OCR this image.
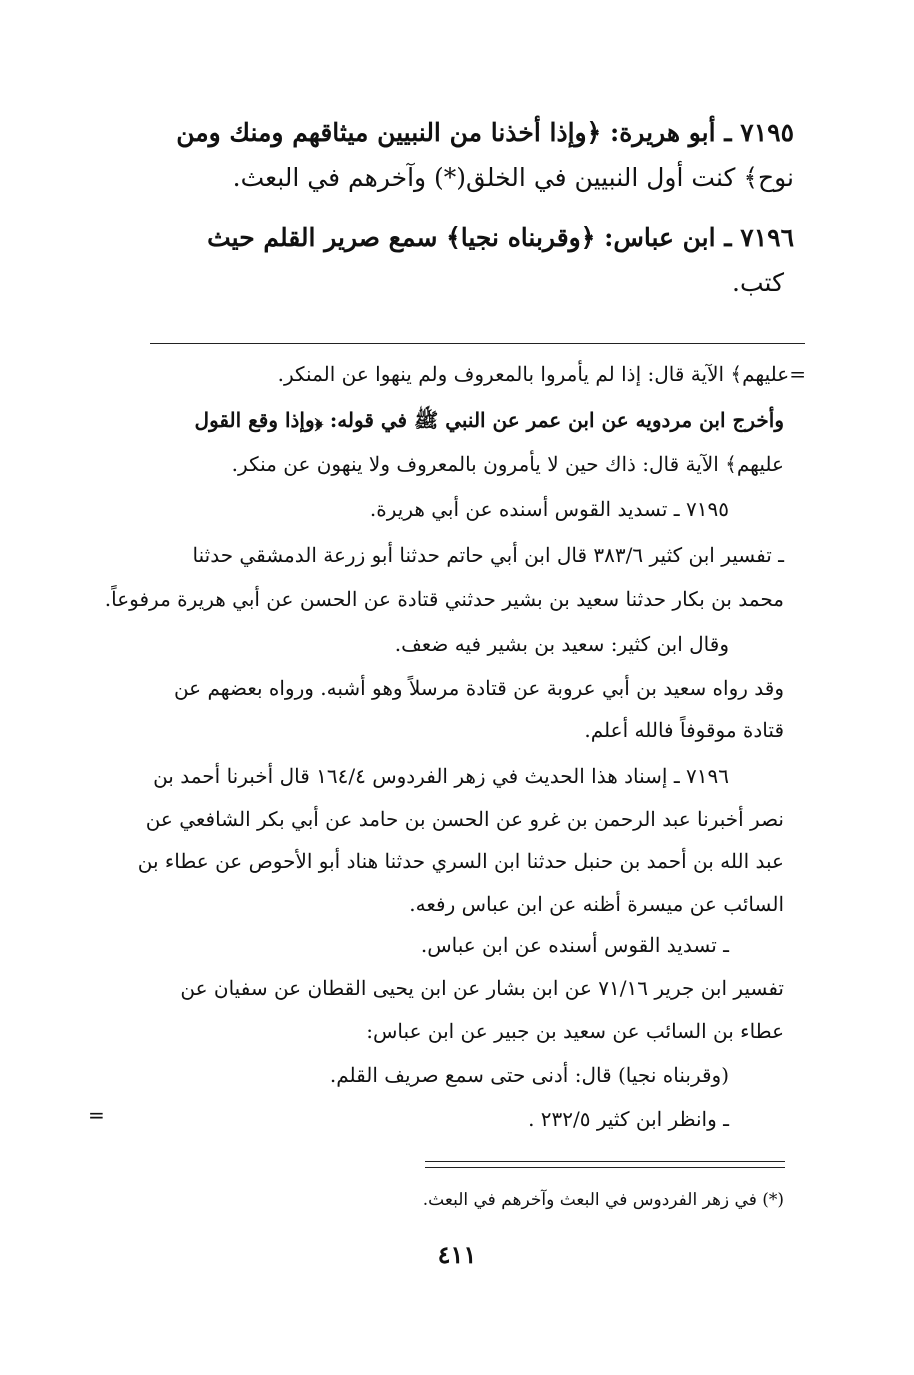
٧١٩٥ ـ أبو هريرة: ﴿وإذا أخذنا من النبيين ميثاقهم ومنك ومن
نوح﴾ كنت أول النبيين في الخلق(*) وآخرهم في البعث.
٧١٩٦ ـ ابن عباس: ﴿وقربناه نجيا﴾ سمع صرير القلم حيث
كتب.
=عليهم﴾ الآية قال: إذا لم يأمروا بالمعروف ولم ينهوا عن المنكر.
وأخرج ابن مردويه عن ابن عمر عن النبي ﷺ في قوله: ﴿وإذا وقع القول
عليهم﴾ الآية قال: ذاك حين لا يأمرون بالمعروف ولا ينهون عن منكر.
٧١٩٥ ـ تسديد القوس أسنده عن أبي هريرة.
ـ تفسير ابن كثير ٣٨٣/٦ قال ابن أبي حاتم حدثنا أبو زرعة الدمشقي حدثنا
محمد بن بكار حدثنا سعيد بن بشير حدثني قتادة عن الحسن عن أبي هريرة مرفوعاً.
وقال ابن كثير: سعيد بن بشير فيه ضعف.
وقد رواه سعيد بن أبي عروبة عن قتادة مرسلاً وهو أشبه. ورواه بعضهم عن
قتادة موقوفاً فالله أعلم.
٧١٩٦ ـ إسناد هذا الحديث في زهر الفردوس ١٦٤/٤ قال أخبرنا أحمد بن
نصر أخبرنا عبد الرحمن بن غرو عن الحسن بن حامد عن أبي بكر الشافعي عن
عبد الله بن أحمد بن حنبل حدثنا ابن السري حدثنا هناد أبو الأحوص عن عطاء بن
السائب عن ميسرة أظنه عن ابن عباس رفعه.
ـ تسديد القوس أسنده عن ابن عباس.
تفسير ابن جرير ٧١/١٦ عن ابن بشار عن ابن يحيى القطان عن سفيان عن
عطاء بن السائب عن سعيد بن جبير عن ابن عباس:
(وقربناه نجيا) قال: أدنى حتى سمع صريف القلم.
ـ وانظر ابن كثير ٢٣٢/٥ .
=
(*) في زهر الفردوس في البعث وآخرهم في البعث.
٤١١
